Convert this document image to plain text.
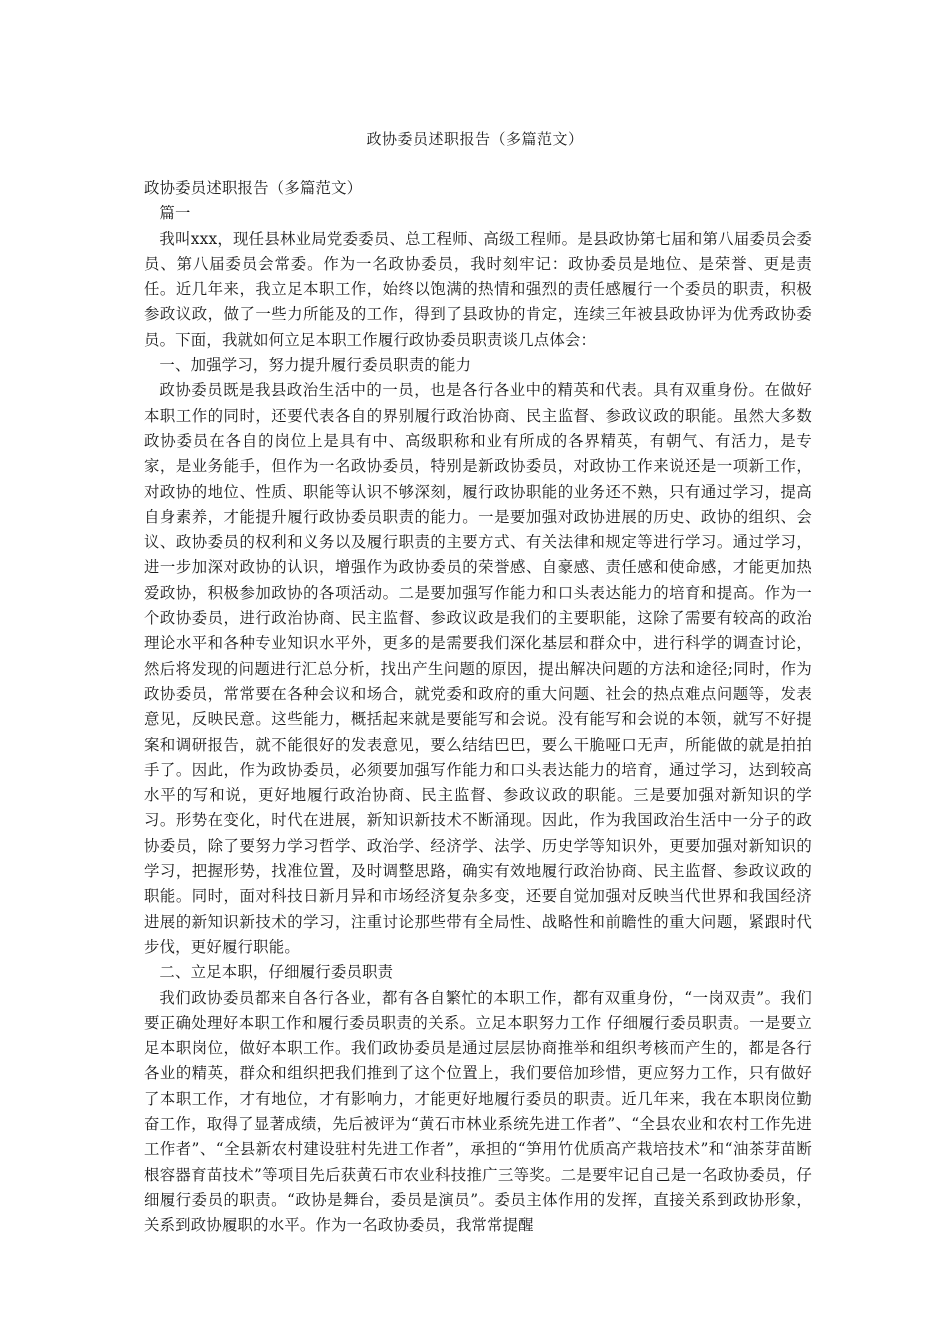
政协委员述职报告（多篇范文）

政协委员述职报告（多篇范文）

篇一

我叫xxx，现任县林业局党委委员、总工程师、高级工程师。是县政协第七届和第八届委员会委员、第八届委员会常委。作为一名政协委员，我时刻牢记：政协委员是地位、是荣誉、更是责任。近几年来，我立足本职工作，始终以饱满的热情和强烈的责任感履行一个委员的职责，积极参政议政，做了一些力所能及的工作，得到了县政协的肯定，连续三年被县政协评为优秀政协委员。下面，我就如何立足本职工作履行政协委员职责谈几点体会：

一、加强学习，努力提升履行委员职责的能力

政协委员既是我县政治生活中的一员，也是各行各业中的精英和代表。具有双重身份。在做好本职工作的同时，还要代表各自的界别履行政治协商、民主监督、参政议政的职能。虽然大多数政协委员在各自的岗位上是具有中、高级职称和业有所成的各界精英，有朝气、有活力，是专家，是业务能手，但作为一名政协委员，特别是新政协委员，对政协工作来说还是一项新工作，对政协的地位、性质、职能等认识不够深刻，履行政协职能的业务还不熟，只有通过学习，提高自身素养，才能提升履行政协委员职责的能力。一是要加强对政协进展的历史、政协的组织、会议、政协委员的权利和义务以及履行职责的主要方式、有关法律和规定等进行学习。通过学习，进一步加深对政协的认识，增强作为政协委员的荣誉感、自豪感、责任感和使命感，才能更加热爱政协，积极参加政协的各项活动。二是要加强写作能力和口头表达能力的培育和提高。作为一个政协委员，进行政治协商、民主监督、参政议政是我们的主要职能，这除了需要有较高的政治理论水平和各种专业知识水平外，更多的是需要我们深化基层和群众中，进行科学的调查讨论，然后将发现的问题进行汇总分析，找出产生问题的原因，提出解决问题的方法和途径;同时，作为政协委员，常常要在各种会议和场合，就党委和政府的重大问题、社会的热点难点问题等，发表意见，反映民意。这些能力，概括起来就是要能写和会说。没有能写和会说的本领，就写不好提案和调研报告，就不能很好的发表意见，要么结结巴巴，要么干脆哑口无声，所能做的就是拍拍手了。因此，作为政协委员，必须要加强写作能力和口头表达能力的培育，通过学习，达到较高水平的写和说，更好地履行政治协商、民主监督、参政议政的职能。三是要加强对新知识的学习。形势在变化，时代在进展，新知识新技术不断涌现。因此，作为我国政治生活中一分子的政协委员，除了要努力学习哲学、政治学、经济学、法学、历史学等知识外，更要加强对新知识的学习，把握形势，找准位置，及时调整思路，确实有效地履行政治协商、民主监督、参政议政的职能。同时，面对科技日新月异和市场经济复杂多变，还要自觉加强对反映当代世界和我国经济进展的新知识新技术的学习，注重讨论那些带有全局性、战略性和前瞻性的重大问题，紧跟时代步伐，更好履行职能。

二、立足本职，仔细履行委员职责

我们政协委员都来自各行各业，都有各自繁忙的本职工作，都有双重身份，“一岗双责”。我们要正确处理好本职工作和履行委员职责的关系。立足本职努力工作 仔细履行委员职责。一是要立足本职岗位，做好本职工作。我们政协委员是通过层层协商推举和组织考核而产生的，都是各行各业的精英，群众和组织把我们推到了这个位置上，我们要倍加珍惜，更应努力工作，只有做好了本职工作，才有地位，才有影响力，才能更好地履行委员的职责。近几年来，我在本职岗位勤奋工作，取得了显著成绩，先后被评为“黄石市林业系统先进工作者”、“全县农业和农村工作先进工作者”、“全县新农村建设驻村先进工作者”，承担的“笋用竹优质高产栽培技术”和“油茶芽苗断根容器育苗技术”等项目先后获黄石市农业科技推广三等奖。二是要牢记自己是一名政协委员，仔细履行委员的职责。“政协是舞台，委员是演员”。委员主体作用的发挥，直接关系到政协形象，关系到政协履职的水平。作为一名政协委员，我常常提醒
